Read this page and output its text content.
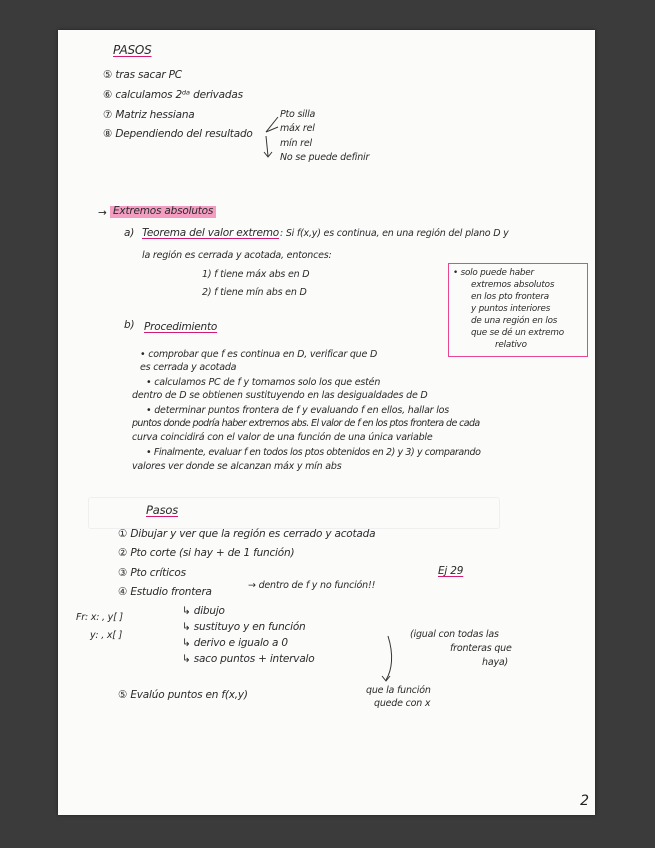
PASOS
⑤ tras sacar PC
⑥ calculamos 2ᵈᵃ derivadas
⑦ Matriz hessiana
⑧ Dependiendo del resultado
Pto silla
máx rel
mín rel
No se puede definir
→ Extremos absolutos
a) Teorema del valor extremo : Si f(x,y) es continua, en una región del plano D y
la región es cerrada y acotada, entonces:
1) f tiene máx abs en D
2) f tiene mín abs en D
• solo puede haber
extremos absolutos
en los pto frontera
y puntos interiores
de una región en los
que se dé un extremo
relativo
b) Procedimiento
• comprobar que f es continua en D, verificar que D
es cerrada y acotada
• calculamos PC de f y tomamos solo los que estén
dentro de D se obtienen sustituyendo en las desigualdades de D
• determinar puntos frontera de f y evaluando f en ellos, hallar los
puntos donde podría haber extremos abs. El valor de f en los ptos frontera de cada
curva coincidirá con el valor de una función de una única variable
• Finalmente, evaluar f en todos los ptos obtenidos en 2) y 3) y comparando
valores ver donde se alcanzan máx y mín abs
Pasos
① Dibujar y ver que la región es cerrado y acotada
② Pto corte (si hay + de 1 función)
③ Pto críticos
④ Estudio frontera
→ dentro de f y no función!!
Ej 29
Fr: x: , y[ ]
y: , x[ ]
↳ dibujo
↳ sustituyo y en función
↳ derivo e igualo a 0
↳ saco puntos + intervalo
(igual con todas las
fronteras que
haya)
⑤ Evalúo puntos en f(x,y)	que la función
quede con x
2
